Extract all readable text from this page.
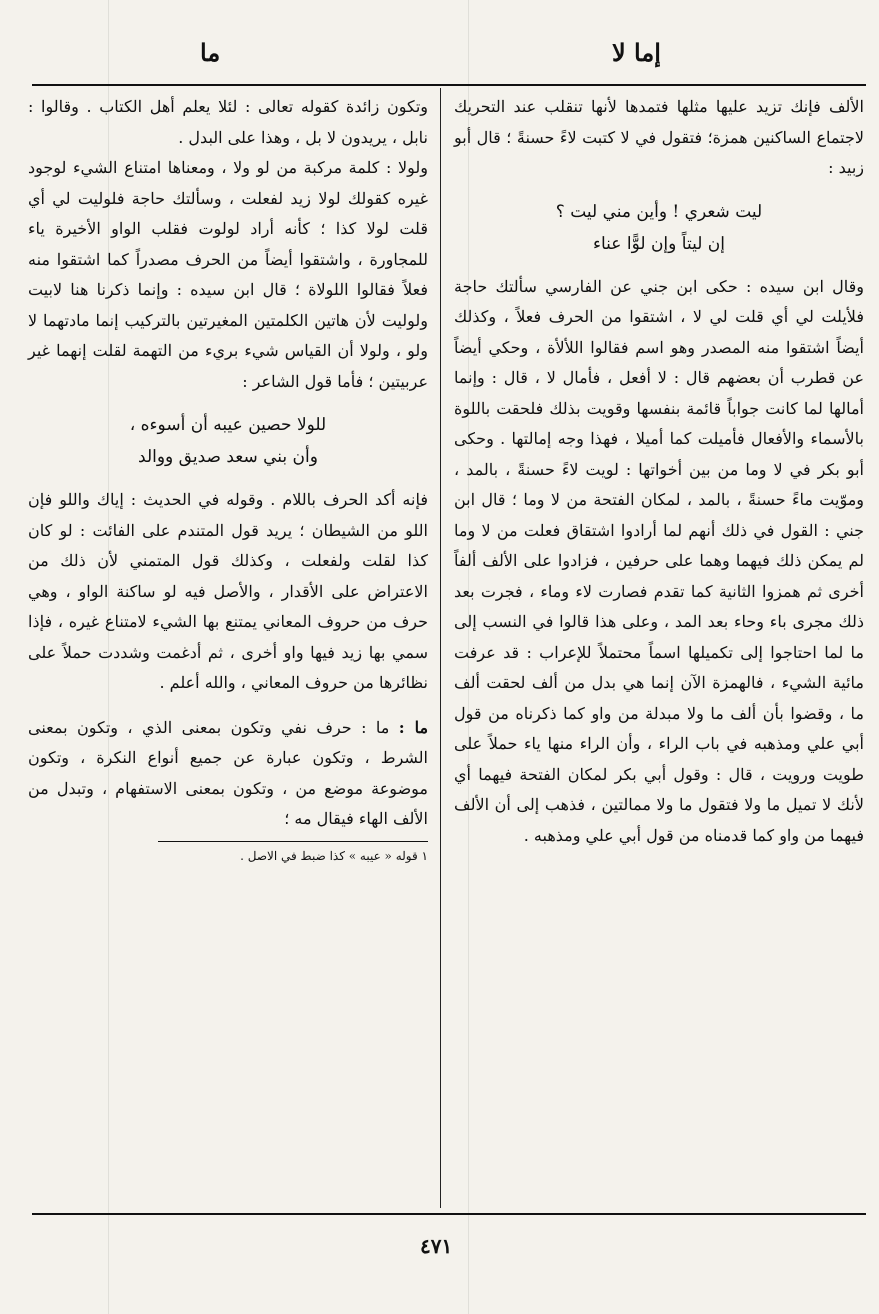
ما	إما لا

الألف فإنك تزيد عليها مثلها فتمدها لأنها تنقلب عند التحريك لاجتماع الساكنين همزة؛ فتقول في لا كتبت لاءً حسنةً ؛ قال أبو زبيد :

ليت شعري ! وأين مني ليت ؟
إن ليتاً وإن لوًّا عناء

وقال ابن سيده : حكى ابن جني عن الفارسي سألتك حاجة فلأيلت لي أي قلت لي لا ، اشتقوا من الحرف فعلاً ، وكذلك أيضاً اشتقوا منه المصدر وهو اسم فقالوا اللألأة ، وحكي أيضاً عن قطرب أن بعضهم قال : لا أفعل ، فأمال لا ، قال : وإنما أمالها لما كانت جواباً قائمة بنفسها وقويت بذلك فلحقت باللوة بالأسماء والأفعال فأميلت كما أميلا ، فهذا وجه إمالتها . وحكى أبو بكر في لا وما من بين أخواتها : لويت لاءً حسنةً ، بالمد ، وموّيت ماءً حسنةً ، بالمد ، لمكان الفتحة من لا وما ؛ قال ابن جني : القول في ذلك أنهم لما أرادوا اشتقاق فعلت من لا وما لم يمكن ذلك فيهما وهما على حرفين ، فزادوا على الألف ألفاً أخرى ثم همزوا الثانية كما تقدم فصارت لاء وماء ، فجرت بعد ذلك مجرى باء وحاء بعد المد ، وعلى هذا قالوا في النسب إلى ما لما احتاجوا إلى تكميلها اسماً محتملاً للإعراب : قد عرفت مائية الشيء ، فالهمزة الآن إنما هي بدل من ألف لحقت ألف ما ، وقضوا بأن ألف ما ولا مبدلة من واو كما ذكرناه من قول أبي علي ومذهبه في باب الراء ، وأن الراء منها ياء حملاً على طويت ورويت ، قال : وقول أبي بكر لمكان الفتحة فيهما أي لأنك لا تميل ما ولا فتقول ما ولا ممالتين ، فذهب إلى أن الألف فيهما من واو كما قدمناه من قول أبي علي ومذهبه .

وتكون زائدة كقوله تعالى : لئلا يعلم أهل الكتاب . وقالوا : نابل ، يريدون لا بل ، وهذا على البدل .

ولولا : كلمة مركبة من لو ولا ، ومعناها امتناع الشيء لوجود غيره كقولك لولا زيد لفعلت ، وسألتك حاجة فلوليت لي أي قلت لولا كذا ؛ كأنه أراد لولوت فقلب الواو الأخيرة ياء للمجاورة ، واشتقوا أيضاً من الحرف مصدراً كما اشتقوا منه فعلاً فقالوا اللولاة ؛ قال ابن سيده : وإنما ذكرنا هنا لابيت ولوليت لأن هاتين الكلمتين المغيرتين بالتركيب إنما مادتهما لا ولو ، ولولا أن القياس شيء بريء من التهمة لقلت إنهما غير عربيتين ؛ فأما قول الشاعر :

للولا حصين عيبه أن أسوءه ،
وأن بني سعد صديق ووالد

فإنه أكد الحرف باللام . وقوله في الحديث : إياك واللو فإن اللو من الشيطان ؛ يريد قول المتندم على الفائت : لو كان كذا لقلت ولفعلت ، وكذلك قول المتمني لأن ذلك من الاعتراض على الأقدار ، والأصل فيه لو ساكنة الواو ، وهي حرف من حروف المعاني يمتنع بها الشيء لامتناع غيره ، فإذا سمي بها زيد فيها واو أخرى ، ثم أدغمت وشددت حملاً على نظائرها من حروف المعاني ، والله أعلم .

ما : ما : حرف نفي وتكون بمعنى الذي ، وتكون بمعنى الشرط ، وتكون عبارة عن جميع أنواع النكرة ، وتكون موضوعة موضع من ، وتكون بمعنى الاستفهام ، وتبدل من الألف الهاء فيقال مه ؛

١ قوله « عيبه » كذا ضبط في الاصل .
٤٧١
